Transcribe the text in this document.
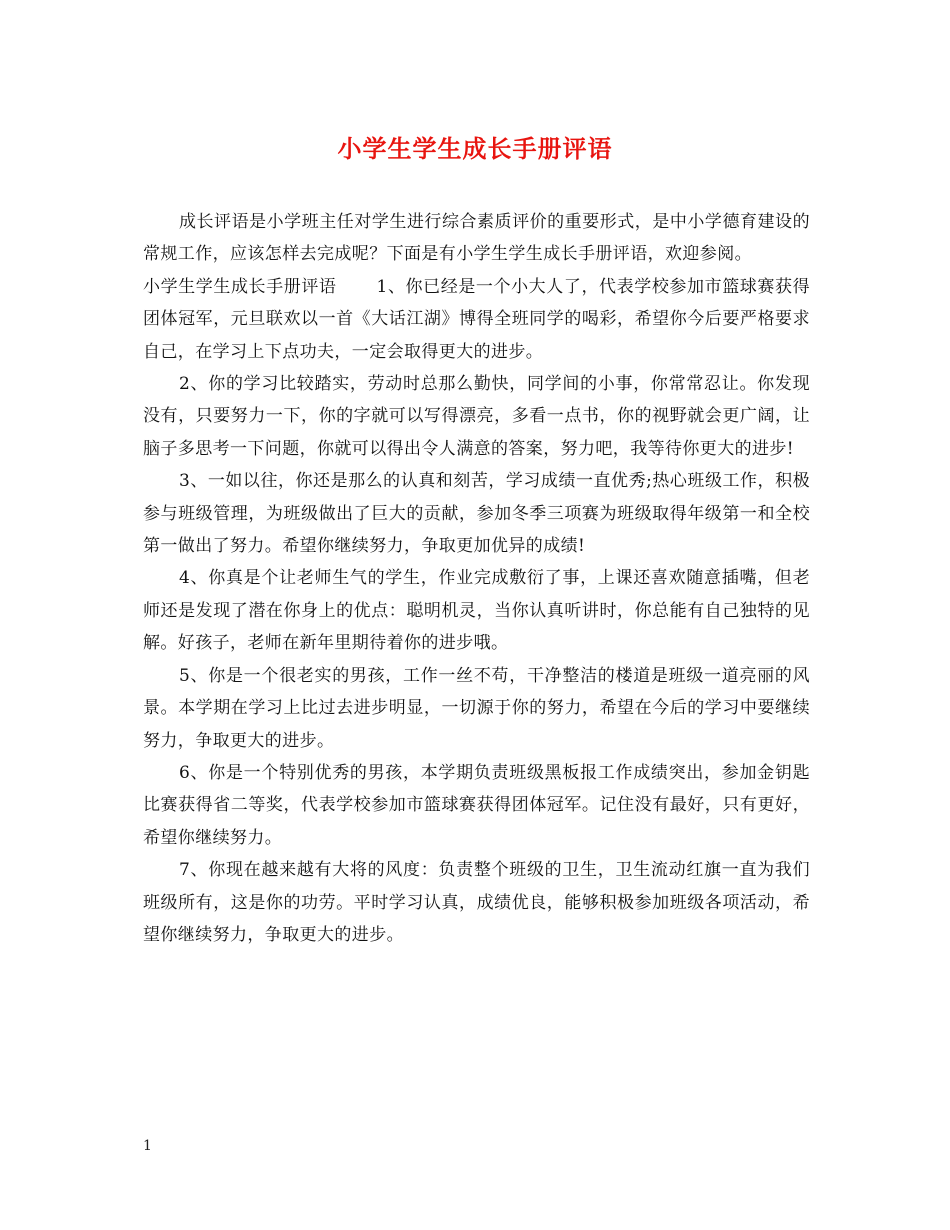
小学生学生成长手册评语

成长评语是小学班主任对学生进行综合素质评价的重要形式，是中小学德育建设的常规工作，应该怎样去完成呢？下面是有小学生学生成长手册评语，欢迎参阅。

小学生学生成长手册评语 1、你已经是一个小大人了，代表学校参加市篮球赛获得团体冠军，元旦联欢以一首《大话江湖》博得全班同学的喝彩，希望你今后要严格要求自己，在学习上下点功夫，一定会取得更大的进步。

2、你的学习比较踏实，劳动时总那么勤快，同学间的小事，你常常忍让。你发现没有，只要努力一下，你的字就可以写得漂亮，多看一点书，你的视野就会更广阔，让脑子多思考一下问题，你就可以得出令人满意的答案，努力吧，我等待你更大的进步!

3、一如以往，你还是那么的认真和刻苦，学习成绩一直优秀;热心班级工作，积极参与班级管理，为班级做出了巨大的贡献，参加冬季三项赛为班级取得年级第一和全校第一做出了努力。希望你继续努力，争取更加优异的成绩!

4、你真是个让老师生气的学生，作业完成敷衍了事，上课还喜欢随意插嘴，但老师还是发现了潜在你身上的优点：聪明机灵，当你认真听讲时，你总能有自己独特的见解。好孩子，老师在新年里期待着你的进步哦。

5、你是一个很老实的男孩，工作一丝不苟，干净整洁的楼道是班级一道亮丽的风景。本学期在学习上比过去进步明显，一切源于你的努力，希望在今后的学习中要继续努力，争取更大的进步。

6、你是一个特别优秀的男孩，本学期负责班级黑板报工作成绩突出，参加金钥匙比赛获得省二等奖，代表学校参加市篮球赛获得团体冠军。记住没有最好，只有更好，希望你继续努力。

7、你现在越来越有大将的风度：负责整个班级的卫生，卫生流动红旗一直为我们班级所有，这是你的功劳。平时学习认真，成绩优良，能够积极参加班级各项活动，希望你继续努力，争取更大的进步。

1
